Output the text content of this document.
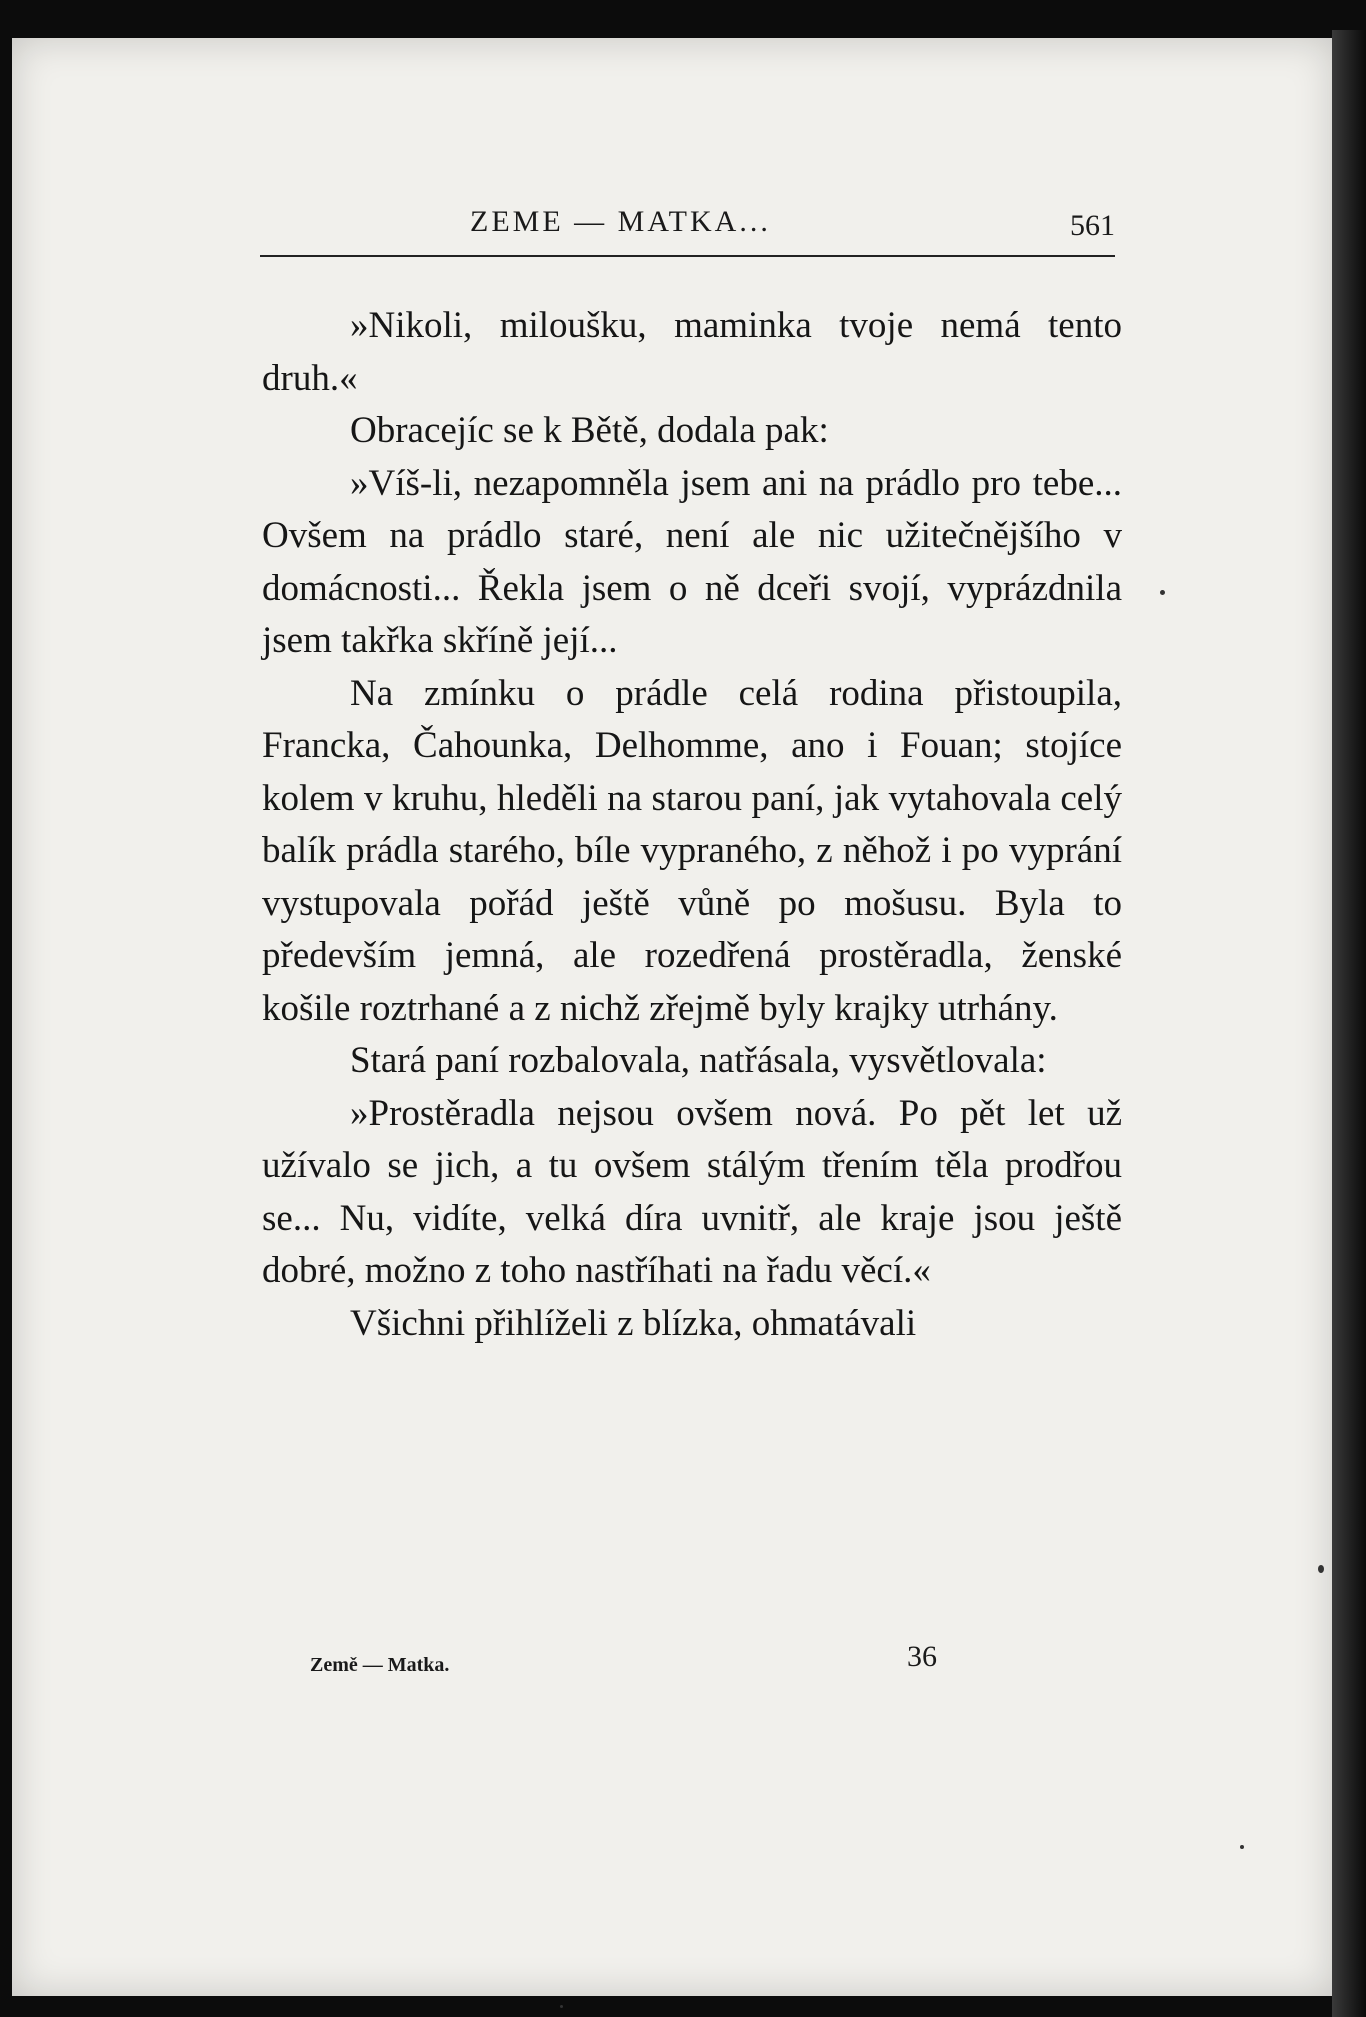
ZEME — MATKA...	561

»Nikoli, miloušku, maminka tvoje nemá tento druh.«

Obracejíc se k Bětě, dodala pak:

»Víš-li, nezapomněla jsem ani na prádlo pro tebe... Ovšem na prádlo staré, není ale nic užitečnějšího v domácnosti... Řekla jsem o ně dceři svojí, vyprázdnila jsem takřka skříně její...

Na zmínku o prádle celá rodina přistoupila, Francka, Čahounka, Delhomme, ano i Fouan; stojíce kolem v kruhu, hleděli na starou paní, jak vytahovala celý balík prádla starého, bíle vypraného, z něhož i po vyprání vystupovala pořád ještě vůně po mošusu. Byla to především jemná, ale rozedřená prostěradla, ženské košile roztrhané a z nichž zřejmě byly krajky utrhány.

Stará paní rozbalovala, natřásala, vysvětlovala:

»Prostěradla nejsou ovšem nová. Po pět let už užívalo se jich, a tu ovšem stálým třením těla prodřou se... Nu, vidíte, velká díra uvnitř, ale kraje jsou ještě dobré, možno z toho nastříhati na řadu věcí.«

Všichni přihlíželi z blízka, ohmatávali

Země — Matka.	36
